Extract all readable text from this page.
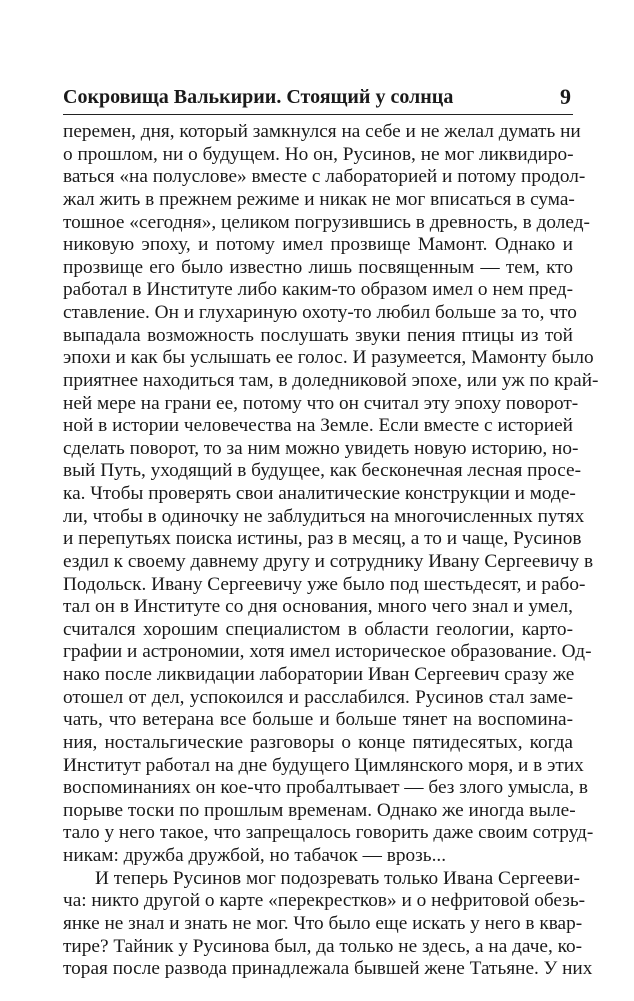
Сокровища Валькирии. Стоящий у солнца	9
перемен, дня, который замкнулся на себе и не желал думать ни
о прошлом, ни о будущем. Но он, Русинов, не мог ликвидиро-
ваться «на полуслове» вместе с лабораторией и потому продол-
жал жить в прежнем режиме и никак не мог вписаться в сума-
тошное «сегодня», целиком погрузившись в древность, в долед-
никовую эпоху, и потому имел прозвище Мамонт. Однако и
прозвище его было известно лишь посвященным — тем, кто
работал в Институте либо каким-то образом имел о нем пред-
ставление. Он и глухариную охоту-то любил больше за то, что
выпадала возможность послушать звуки пения птицы из той
эпохи и как бы услышать ее голос. И разумеется, Мамонту было
приятнее находиться там, в доледниковой эпохе, или уж по край-
ней мере на грани ее, потому что он считал эту эпоху поворот-
ной в истории человечества на Земле. Если вместе с историей
сделать поворот, то за ним можно увидеть новую историю, но-
вый Путь, уходящий в будущее, как бесконечная лесная просе-
ка. Чтобы проверять свои аналитические конструкции и моде-
ли, чтобы в одиночку не заблудиться на многочисленных путях
и перепутьях поиска истины, раз в месяц, а то и чаще, Русинов
ездил к своему давнему другу и сотруднику Ивану Сергеевичу в
Подольск. Ивану Сергеевичу уже было под шестьдесят, и рабо-
тал он в Институте со дня основания, много чего знал и умел,
считался хорошим специалистом в области геологии, карто-
графии и астрономии, хотя имел историческое образование. Од-
нако после ликвидации лаборатории Иван Сергеевич сразу же
отошел от дел, успокоился и расслабился. Русинов стал заме-
чать, что ветерана все больше и больше тянет на воспомина-
ния, ностальгические разговоры о конце пятидесятых, когда
Институт работал на дне будущего Цимлянского моря, и в этих
воспоминаниях он кое-что пробалтывает — без злого умысла, в
порыве тоски по прошлым временам. Однако же иногда выле-
тало у него такое, что запрещалось говорить даже своим сотруд-
никам: дружба дружбой, но табачок — врозь...
И теперь Русинов мог подозревать только Ивана Сергееви-
ча: никто другой о карте «перекрестков» и о нефритовой обезь-
янке не знал и знать не мог. Что было еще искать у него в квар-
тире? Тайник у Русинова был, да только не здесь, а на даче, ко-
торая после развода принадлежала бывшей жене Татьяне. У них
